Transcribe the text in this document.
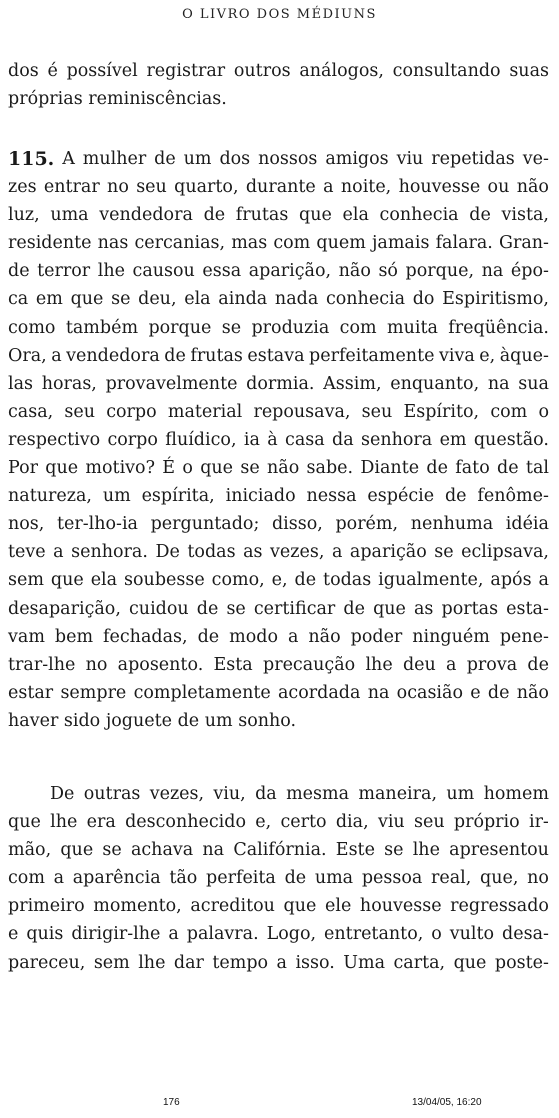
O LIVRO DOS MÉDIUNS
dos é possível registrar outros análogos, consultando suas
próprias reminiscências.
115. A mulher de um dos nossos amigos viu repetidas ve-
zes entrar no seu quarto, durante a noite, houvesse ou não
luz, uma vendedora de frutas que ela conhecia de vista,
residente nas cercanias, mas com quem jamais falara. Gran-
de terror lhe causou essa aparição, não só porque, na épo-
ca em que se deu, ela ainda nada conhecia do Espiritismo,
como também porque se produzia com muita freqüência.
Ora, a vendedora de frutas estava perfeitamente viva e, àque-
las horas, provavelmente dormia. Assim, enquanto, na sua
casa, seu corpo material repousava, seu Espírito, com o
respectivo corpo fluídico, ia à casa da senhora em questão.
Por que motivo? É o que se não sabe. Diante de fato de tal
natureza, um espírita, iniciado nessa espécie de fenôme-
nos, ter-lho-ia perguntado; disso, porém, nenhuma idéia
teve a senhora. De todas as vezes, a aparição se eclipsava,
sem que ela soubesse como, e, de todas igualmente, após a
desaparição, cuidou de se certificar de que as portas esta-
vam bem fechadas, de modo a não poder ninguém pene-
trar-lhe no aposento. Esta precaução lhe deu a prova de
estar sempre completamente acordada na ocasião e de não
haver sido joguete de um sonho.
De outras vezes, viu, da mesma maneira, um homem
que lhe era desconhecido e, certo dia, viu seu próprio ir-
mão, que se achava na Califórnia. Este se lhe apresentou
com a aparência tão perfeita de uma pessoa real, que, no
primeiro momento, acreditou que ele houvesse regressado
e quis dirigir-lhe a palavra. Logo, entretanto, o vulto desa-
pareceu, sem lhe dar tempo a isso. Uma carta, que poste-
176	13/04/05, 16:20
